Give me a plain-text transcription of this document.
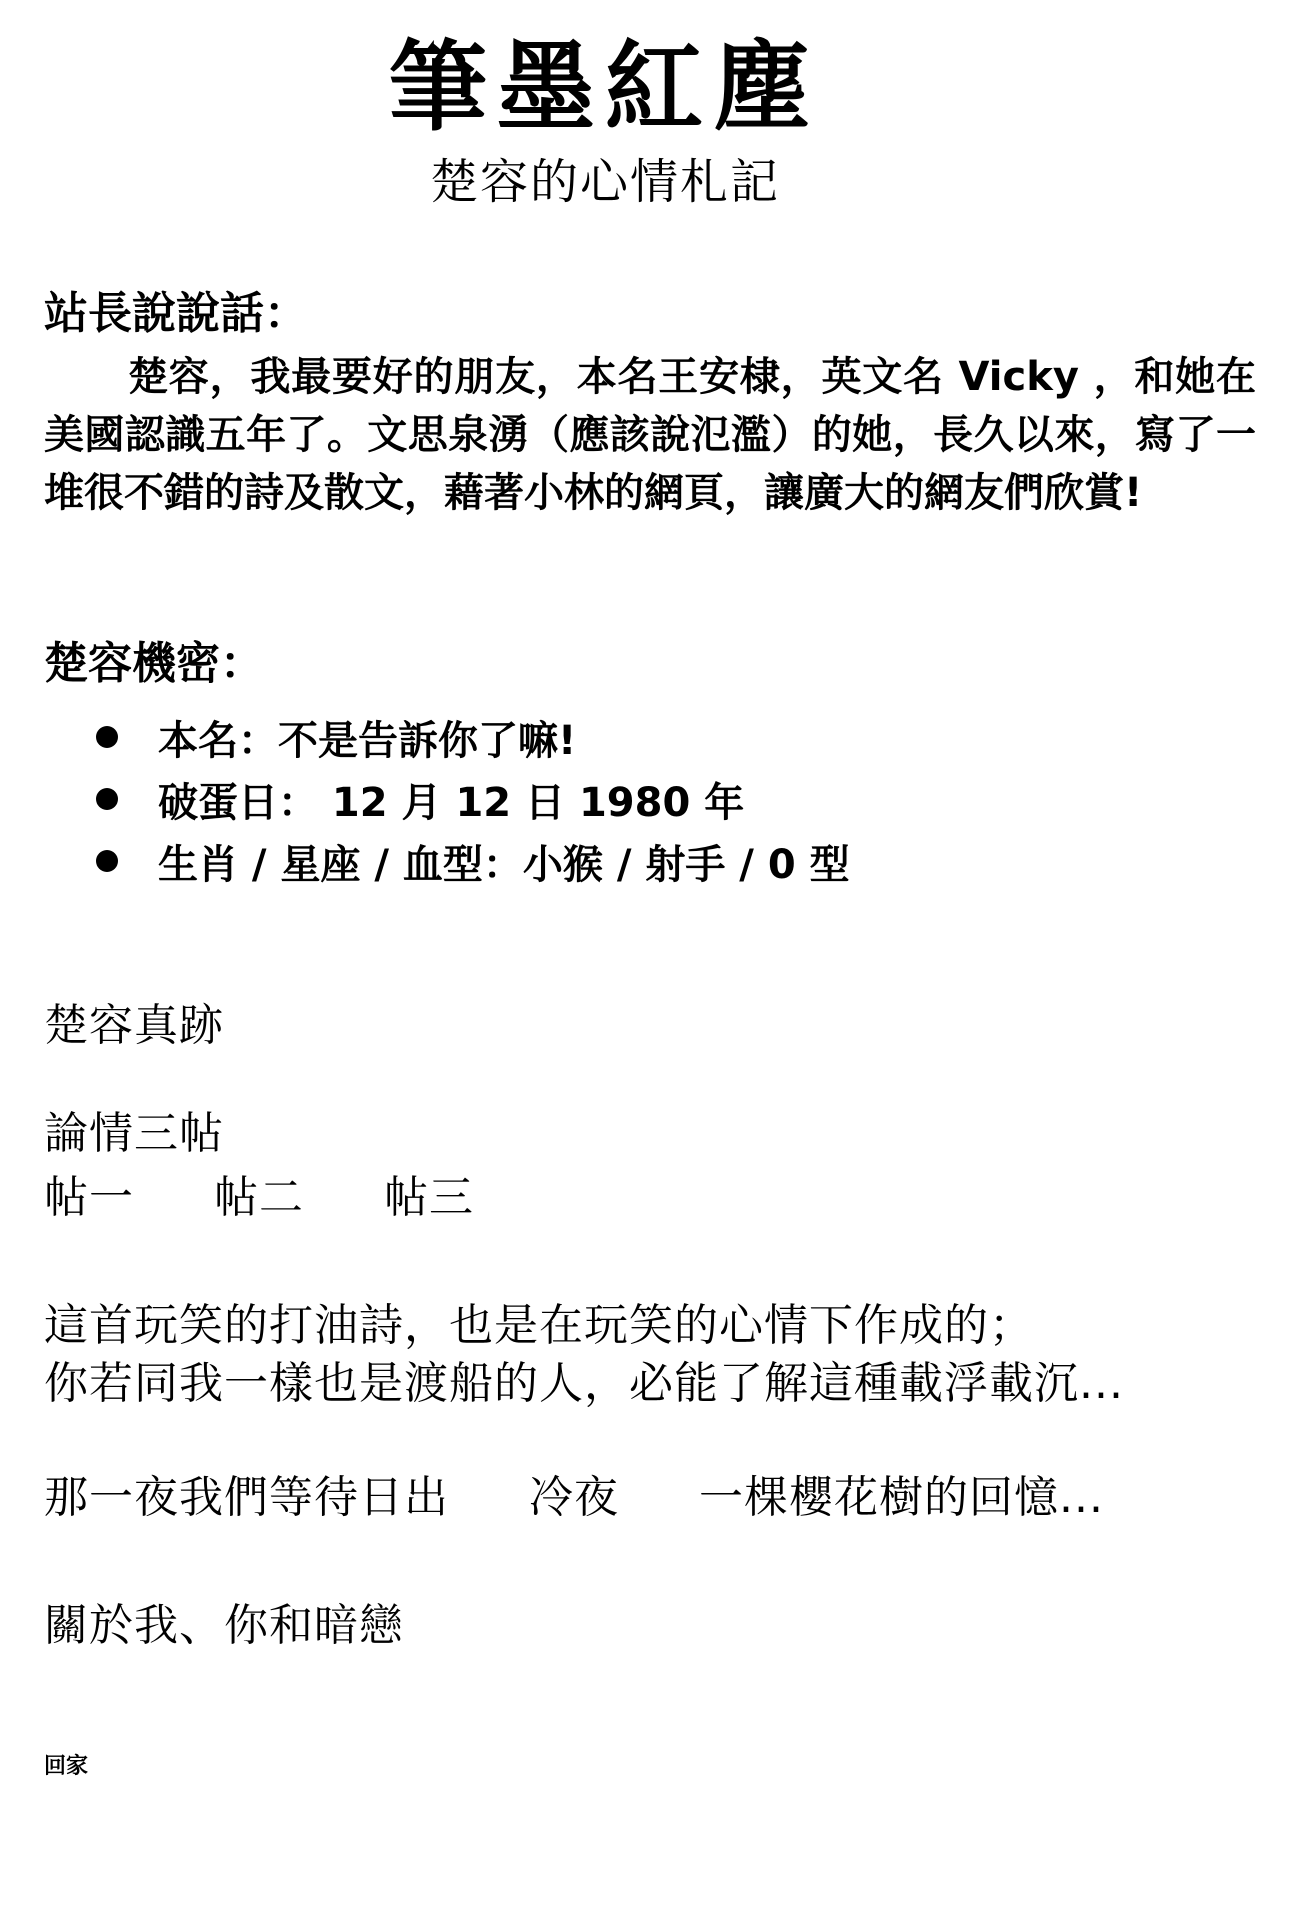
筆墨紅塵
楚容的心情札記
站長說說話：
楚容，我最要好的朋友，本名王安棣，英文名 Vicky ，和她在美國認識五年了。文思泉湧（應該說氾濫）的她，長久以來，寫了一堆很不錯的詩及散文，藉著小林的網頁，讓廣大的網友們欣賞!
楚容機密：
本名：不是告訴你了嘛!
破蛋日： 12 月 12 日 1980 年
生肖 / 星座 / 血型：小猴 / 射手 / 0 型
楚容真跡
論情三帖
帖一 帖二 帖三
這首玩笑的打油詩，也是在玩笑的心情下作成的；
你若同我一樣也是渡船的人，必能了解這種載浮載沉...
那一夜我們等待日出 冷夜 一棵櫻花樹的回憶...
關於我、你和暗戀
回家
